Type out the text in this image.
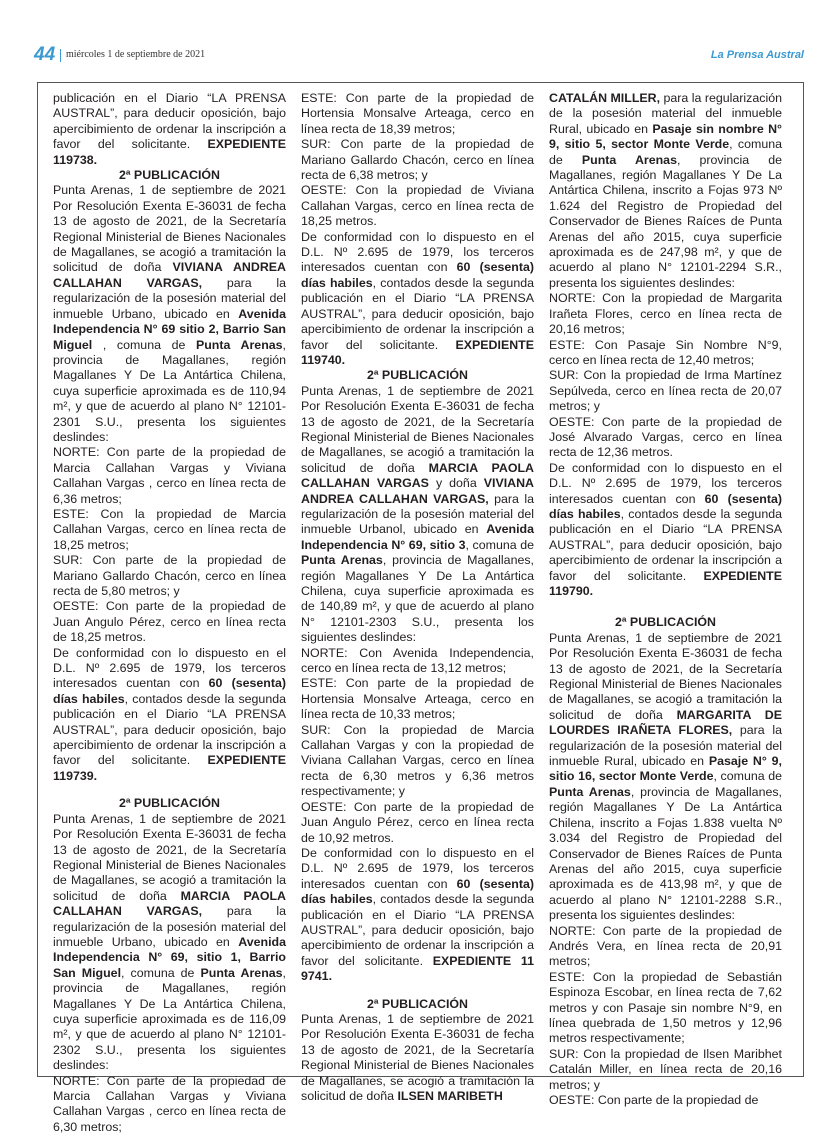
44 miércoles 1 de septiembre de 2021	La Prensa Austral

publicación en el Diario “LA PRENSA AUSTRAL”, para deducir oposición, bajo apercibimiento de ordenar la inscripción a favor del solicitante. EXPEDIENTE 119738.

2ª PUBLICACIÓN

Punta Arenas, 1 de septiembre de 2021 Por Resolución Exenta E-36031 de fecha 13 de agosto de 2021, de la Secretaría Regional Ministerial de Bienes Nacionales de Magallanes, se acogió a tramitación la solicitud de doña VIVIANA ANDREA CALLAHAN VARGAS, para la regularización de la posesión material del inmueble Urbano, ubicado en Avenida Independencia N° 69 sitio 2, Barrio San Miguel , comuna de Punta Arenas, provincia de Magallanes, región Magallanes Y De La Antártica Chilena, cuya superficie aproximada es de 110,94 m², y que de acuerdo al plano N° 12101-2301 S.U., presenta los siguientes deslindes:

NORTE: Con parte de la propiedad de Marcia Callahan Vargas y Viviana Callahan Vargas , cerco en línea recta de 6,36 metros;

ESTE: Con la propiedad de Marcia Callahan Vargas, cerco en línea recta de 18,25 metros;

SUR: Con parte de la propiedad de Mariano Gallardo Chacón, cerco en línea recta de 5,80 metros; y

OESTE: Con parte de la propiedad de Juan Angulo Pérez, cerco en línea recta de 18,25 metros.

De conformidad con lo dispuesto en el D.L. Nº 2.695 de 1979, los terceros interesados cuentan con 60 (sesenta) días habiles, contados desde la segunda publicación en el Diario “LA PRENSA AUSTRAL”, para deducir oposición, bajo apercibimiento de ordenar la inscripción a favor del solicitante. EXPEDIENTE 119739.

2ª PUBLICACIÓN

Punta Arenas, 1 de septiembre de 2021 Por Resolución Exenta E-36031 de fecha 13 de agosto de 2021, de la Secretaría Regional Ministerial de Bienes Nacionales de Magallanes, se acogió a tramitación la solicitud de doña MARCIA PAOLA CALLAHAN VARGAS, para la regularización de la posesión material del inmueble Urbano, ubicado en Avenida Independencia N° 69, sitio 1, Barrio San Miguel, comuna de Punta Arenas, provincia de Magallanes, región Magallanes Y De La Antártica Chilena, cuya superficie aproximada es de 116,09 m², y que de acuerdo al plano N° 12101-2302 S.U., presenta los siguientes deslindes:

NORTE: Con parte de la propiedad de Marcia Callahan Vargas y Viviana Callahan Vargas , cerco en línea recta de 6,30 metros;

ESTE: Con parte de la propiedad de Hortensia Monsalve Arteaga, cerco en línea recta de 18,39 metros;

SUR: Con parte de la propiedad de Mariano Gallardo Chacón, cerco en línea recta de 6,38 metros; y

OESTE: Con la propiedad de Viviana Callahan Vargas, cerco en línea recta de 18,25 metros.

De conformidad con lo dispuesto en el D.L. Nº 2.695 de 1979, los terceros interesados cuentan con 60 (sesenta) días habiles, contados desde la segunda publicación en el Diario “LA PRENSA AUSTRAL”, para deducir oposición, bajo apercibimiento de ordenar la inscripción a favor del solicitante. EXPEDIENTE 119740.

2ª PUBLICACIÓN

Punta Arenas, 1 de septiembre de 2021 Por Resolución Exenta E-36031 de fecha 13 de agosto de 2021, de la Secretaría Regional Ministerial de Bienes Nacionales de Magallanes, se acogió a tramitación la solicitud de doña MARCIA PAOLA CALLAHAN VARGAS y doña VIVIANA ANDREA CALLAHAN VARGAS, para la regularización de la posesión material del inmueble Urbanol, ubicado en Avenida Independencia N° 69, sitio 3, comuna de Punta Arenas, provincia de Magallanes, región Magallanes Y De La Antártica Chilena, cuya superficie aproximada es de 140,89 m², y que de acuerdo al plano N° 12101-2303 S.U., presenta los siguientes deslindes:

NORTE: Con Avenida Independencia, cerco en línea recta de 13,12 metros;

ESTE: Con parte de la propiedad de Hortensia Monsalve Arteaga, cerco en línea recta de 10,33 metros;

SUR: Con la propiedad de Marcia Callahan Vargas y con la propiedad de Viviana Callahan Vargas, cerco en línea recta de 6,30 metros y 6,36 metros respectivamente; y

OESTE: Con parte de la propiedad de Juan Angulo Pérez, cerco en línea recta de 10,92 metros.

De conformidad con lo dispuesto en el D.L. Nº 2.695 de 1979, los terceros interesados cuentan con 60 (sesenta) días habiles, contados desde la segunda publicación en el Diario “LA PRENSA AUSTRAL”, para deducir oposición, bajo apercibimiento de ordenar la inscripción a favor del solicitante. EXPEDIENTE 11 9741.

2ª PUBLICACIÓN

Punta Arenas, 1 de septiembre de 2021 Por Resolución Exenta E-36031 de fecha 13 de agosto de 2021, de la Secretaría Regional Ministerial de Bienes Nacionales de Magallanes, se acogió a tramitación la solicitud de doña ILSEN MARIBETH

CATALÁN MILLER, para la regularización de la posesión material del inmueble Rural, ubicado en Pasaje sin nombre N° 9, sitio 5, sector Monte Verde, comuna de Punta Arenas, provincia de Magallanes, región Magallanes Y De La Antártica Chilena, inscrito a Fojas 973 Nº 1.624 del Registro de Propiedad del Conservador de Bienes Raíces de Punta Arenas del año 2015, cuya superficie aproximada es de 247,98 m², y que de acuerdo al plano N° 12101-2294 S.R., presenta los siguientes deslindes:

NORTE: Con la propiedad de Margarita Irañeta Flores, cerco en línea recta de 20,16 metros;

ESTE: Con Pasaje Sin Nombre N°9, cerco en línea recta de 12,40 metros;

SUR: Con la propiedad de Irma Martínez Sepúlveda, cerco en línea recta de 20,07 metros; y

OESTE: Con parte de la propiedad de José Alvarado Vargas, cerco en línea recta de 12,36 metros.

De conformidad con lo dispuesto en el D.L. Nº 2.695 de 1979, los terceros interesados cuentan con 60 (sesenta) días habiles, contados desde la segunda publicación en el Diario “LA PRENSA AUSTRAL”, para deducir oposición, bajo apercibimiento de ordenar la inscripción a favor del solicitante. EXPEDIENTE 119790.

2ª PUBLICACIÓN

Punta Arenas, 1 de septiembre de 2021 Por Resolución Exenta E-36031 de fecha 13 de agosto de 2021, de la Secretaría Regional Ministerial de Bienes Nacionales de Magallanes, se acogió a tramitación la solicitud de doña MARGARITA DE LOURDES IRAÑETA FLORES, para la regularización de la posesión material del inmueble Rural, ubicado en Pasaje N° 9, sitio 16, sector Monte Verde, comuna de Punta Arenas, provincia de Magallanes, región Magallanes Y De La Antártica Chilena, inscrito a Fojas 1.838 vuelta Nº 3.034 del Registro de Propiedad del Conservador de Bienes Raíces de Punta Arenas del año 2015, cuya superficie aproximada es de 413,98 m², y que de acuerdo al plano N° 12101-2288 S.R., presenta los siguientes deslindes:

NORTE: Con parte de la propiedad de Andrés Vera, en línea recta de 20,91 metros;

ESTE: Con la propiedad de Sebastián Espinoza Escobar, en línea recta de 7,62 metros y con Pasaje sin nombre N°9, en línea quebrada de 1,50 metros y 12,96 metros respectivamente;

SUR: Con la propiedad de Ilsen Maribhet Catalán Miller, en línea recta de 20,16 metros; y

OESTE: Con parte de la propiedad de
